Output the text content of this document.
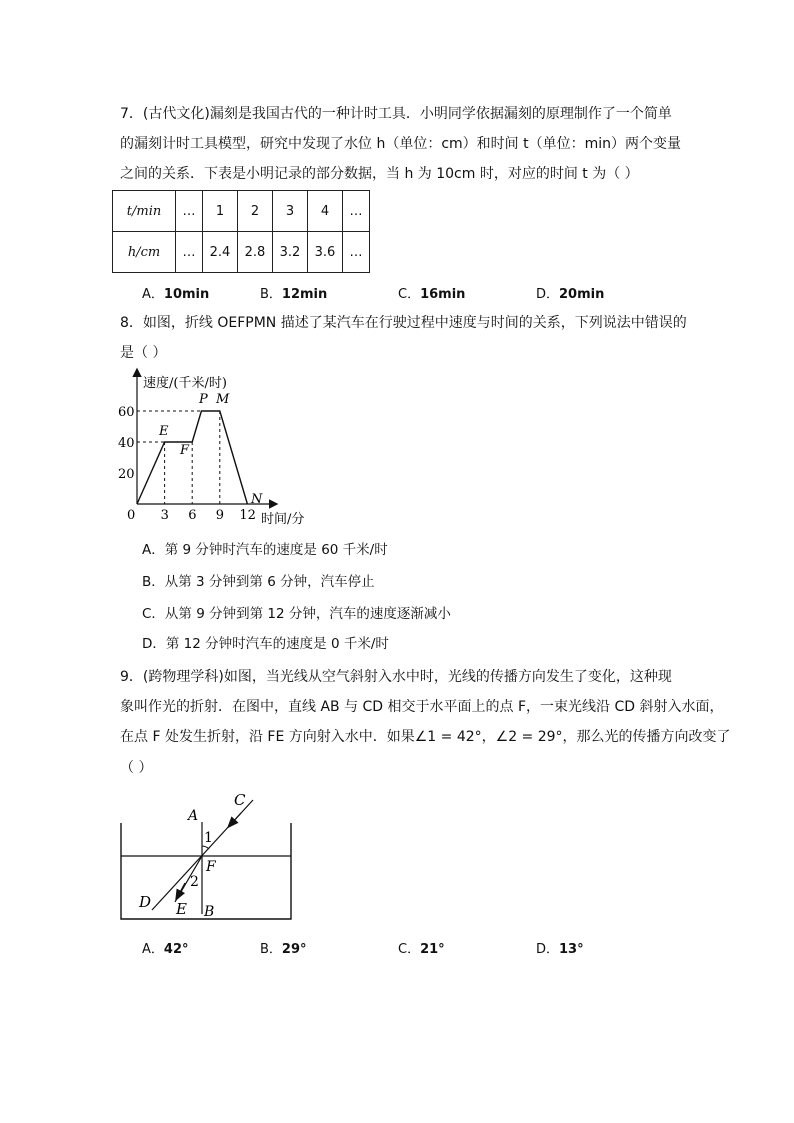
7．(古代文化)漏刻是我国古代的一种计时工具．小明同学依据漏刻的原理制作了一个简单
的漏刻计时工具模型，研究中发现了水位 h（单位：cm）和时间 t（单位：min）两个变量
之间的关系．下表是小明记录的部分数据，当 h 为 10cm 时，对应的时间 t 为（ ）
t/min	…	1	2	3	4	…
h/cm	…	2.4	2.8	3.2	3.6	…
A．10min	B．12min	C．16min	D．20min
8．如图，折线 OEFPMN 描述了某汽车在行驶过程中速度与时间的关系，下列说法中错误的
是（ ）
速度/(千米/时)
时间/分
0 3 6 9 12
20
40
60
E
F
P M
N
A．第 9 分钟时汽车的速度是 60 千米/时
B．从第 3 分钟到第 6 分钟，汽车停止
C．从第 9 分钟到第 12 分钟，汽车的速度逐渐减小
D．第 12 分钟时汽车的速度是 0 千米/时
9．(跨物理学科)如图，当光线从空气斜射入水中时，光线的传播方向发生了变化，这种现
象叫作光的折射．在图中，直线 AB 与 CD 相交于水平面上的点 F，一束光线沿 CD 斜射入水面，
在点 F 处发生折射，沿 FE 方向射入水中．如果∠1 = 42°，∠2 = 29°，那么光的传播方向改变了
（ ）
A
C
1
F
2
D E B
A．42°	B．29°	C．21°	D．13°
